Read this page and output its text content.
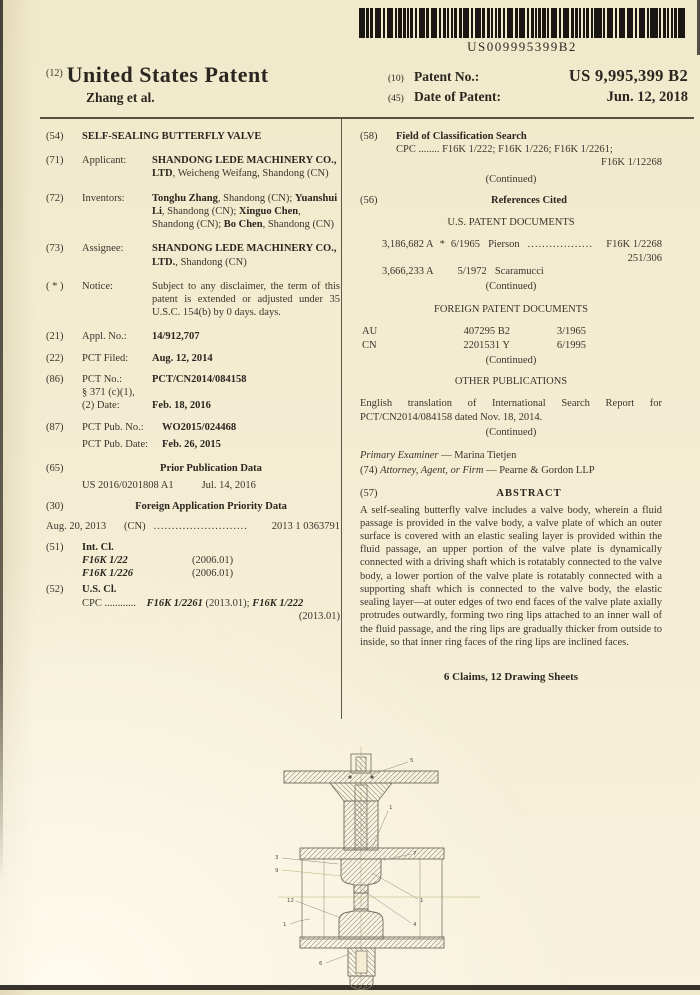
US009995399B2
$^{(12)}$ United States Patent
Zhang et al.
(10) Patent No.:	US 9,995,399 B2
(45) Date of Patent:	Jun. 12, 2018
(54)	SELF-SEALING BUTTERFLY VALVE
(71)	Applicant:	SHANDONG LEDE MACHINERY CO., LTD, Weicheng Weifang, Shandong (CN)
(72)	Inventors:	Tonghu Zhang, Shandong (CN); Yuanshui Li, Shandong (CN); Xinguo Chen, Shandong (CN); Bo Chen, Shandong (CN)
(73)	Assignee:	SHANDONG LEDE MACHINERY CO., LTD., Shandong (CN)
( * )	Notice:	Subject to any disclaimer, the term of this patent is extended or adjusted under 35 U.S.C. 154(b) by 0 days. days.
(21)	Appl. No.:	14/912,707
(22)	PCT Filed:	Aug. 12, 2014
(86)	PCT No.:	PCT/CN2014/084158
§ 371 (c)(1),
(2) Date:	Feb. 18, 2016
(87)	PCT Pub. No.:	WO2015/024468
PCT Pub. Date:	Feb. 26, 2015
(65)	Prior Publication Data
US 2016/0201808 A1	Jul. 14, 2016
(30)	Foreign Application Priority Data
Aug. 20, 2013	(CN) ..........................	2013 1 0363791
(51)	Int. Cl.
F16K 1/22	(2006.01)
F16K 1/226	(2006.01)
(52)	U.S. Cl.
CPC ............ F16K 1/2261 (2013.01); F16K 1/222
(2013.01)
(58)	Field of Classification Search
CPC ........ F16K 1/222; F16K 1/226; F16K 1/2261;
F16K 1/12268
(Continued)
(56)	References Cited
U.S. PATENT DOCUMENTS
3,186,682 A * 6/1965 Pierson ..................	F16K 1/2268
251/306
3,666,233 A 5/1972 Scaramucci
(Continued)
FOREIGN PATENT DOCUMENTS
AU	407295 B2	3/1965
CN	2201531 Y	6/1995
(Continued)
OTHER PUBLICATIONS
English translation of International Search Report for PCT/CN2014/084158 dated Nov. 18, 2014.
(Continued)
Primary Examiner — Marina Tietjen
(74) Attorney, Agent, or Firm — Pearne & Gordon LLP
(57)	ABSTRACT
A self-sealing butterfly valve includes a valve body, wherein a fluid passage is provided in the valve body, a valve plate of which an outer surface is covered with an elastic sealing layer is provided within the fluid passage, an upper portion of the valve plate is dynamically connected with a driving shaft which is rotatably connected to the valve body, a lower portion of the valve plate is rotatably connected with a supporting shaft which is connected to the valve body, the elastic sealing layer—at outer edges of two end faces of the valve plate axially protrudes outwardly, forming two ring lips attached to an inner wall of the fluid passage, and the ring lips are gradually thicker from outside to inside, so that inner ring faces of the ring lips are inclined faces.
6 Claims, 12 Drawing Sheets
5
1
7
1
4
3
9
12
1
6
